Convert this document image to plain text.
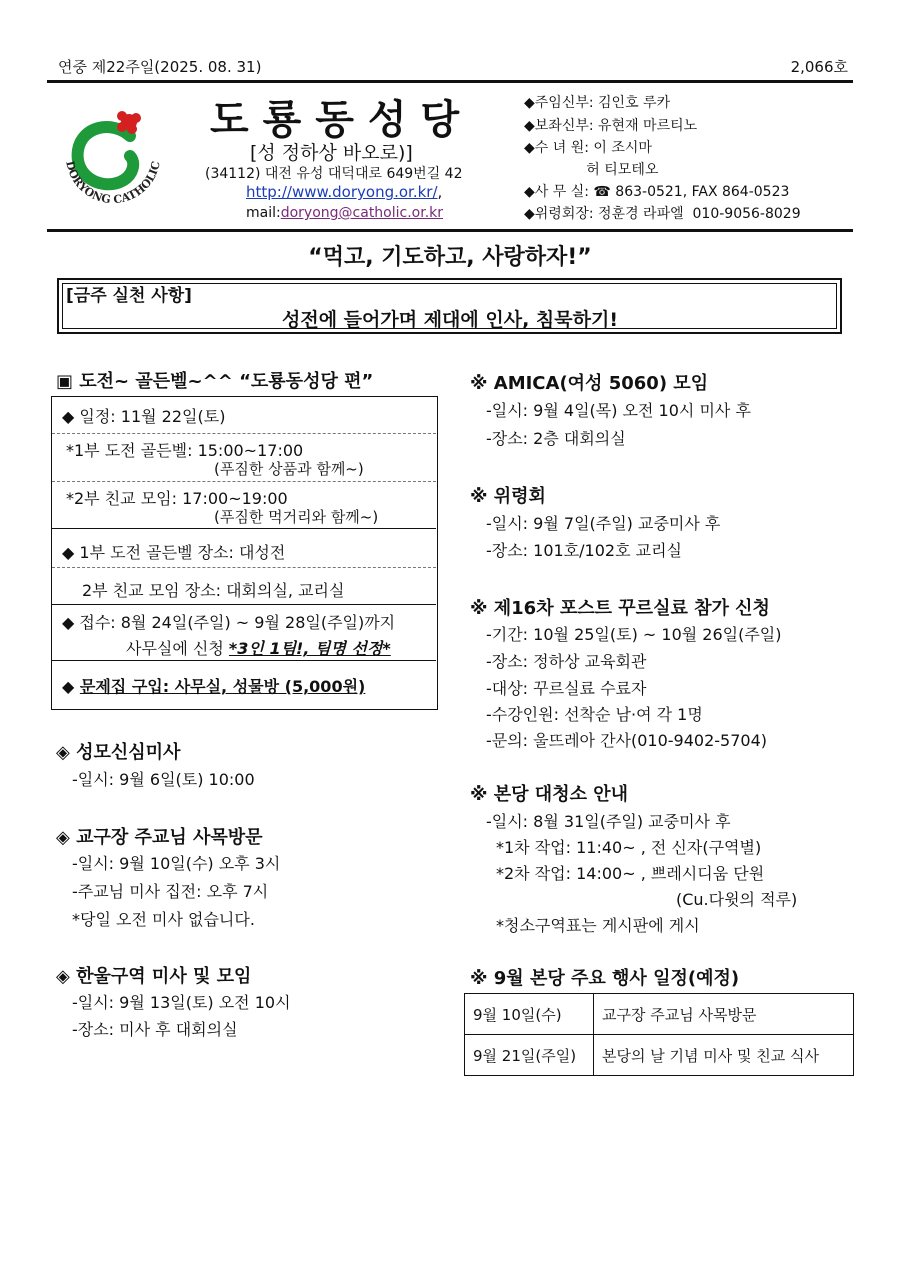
연중 제22주일(2025. 08. 31)	2,066호
DORYONG CATHOLIC
도룡동성당
[성 정하상 바오로)]
(34112) 대전 유성 대덕대로 649번길 42
http://www.doryong.or.kr/,
mail:doryong@catholic.or.kr
◆주임신부: 김인호 루카
◆보좌신부: 유현재 마르티노
◆수 녀 원: 이 조시마
허 티모테오
◆사 무 실: ☎ 863-0521, FAX 864-0523
◆위령회장: 정훈경 라파엘  010-9056-8029
“먹고, 기도하고, 사랑하자!”
[금주 실천 사항]
성전에 들어가며 제대에 인사, 침묵하기!
▣ 도전~ 골든벨~^^ “도룡동성당 편”
◆ 일정: 11월 22일(토)
*1부 도전 골든벨: 15:00~17:00
(푸짐한 상품과 함께~)
*2부 친교 모임: 17:00~19:00
(푸짐한 먹거리와 함께~)
◆ 1부 도전 골든벨 장소: 대성전
2부 친교 모임 장소: 대회의실, 교리실
◆ 접수: 8월 24일(주일) ~ 9월 28일(주일)까지
사무실에 신청 *3인 1팀!, 팀명 선정*
◆ 문제집 구입: 사무실, 성물방 (5,000원)
◈ 성모신심미사
-일시: 9월 6일(토) 10:00
◈ 교구장 주교님 사목방문
-일시: 9월 10일(수) 오후 3시
-주교님 미사 집전: 오후 7시
*당일 오전 미사 없습니다.
◈ 한울구역 미사 및 모임
-일시: 9월 13일(토) 오전 10시
-장소: 미사 후 대회의실
※ AMICA(여성 5060) 모임
-일시: 9월 4일(목) 오전 10시 미사 후
-장소: 2층 대회의실
※ 위령회
-일시: 9월 7일(주일) 교중미사 후
-장소: 101호/102호 교리실
※ 제16차 포스트 꾸르실료 참가 신청
-기간: 10월 25일(토) ~ 10월 26일(주일)
-장소: 정하상 교육회관
-대상: 꾸르실료 수료자
-수강인원: 선착순 남·여 각 1명
-문의: 울뜨레아 간사(010-9402-5704)
※ 본당 대청소 안내
-일시: 8월 31일(주일) 교중미사 후
*1차 작업: 11:40~ , 전 신자(구역별)
*2차 작업: 14:00~ , 쁘레시디움 단원
(Cu.다윗의 적루)
*청소구역표는 게시판에 게시
※ 9월 본당 주요 행사 일정(예정)
9월 10일(수)	교구장 주교님 사목방문
9월 21일(주일)	본당의 날 기념 미사 및 친교 식사
